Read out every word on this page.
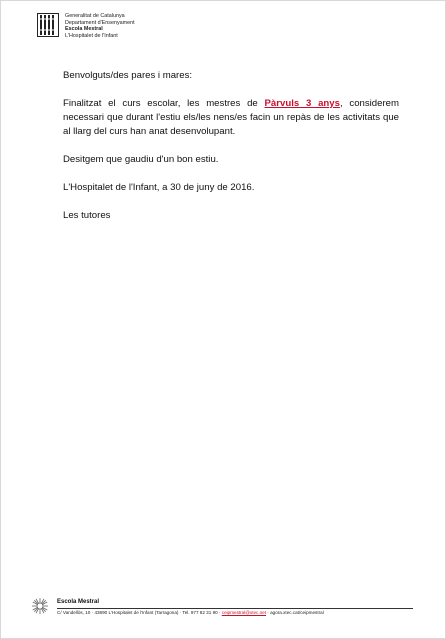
Generalitat de Catalunya
Departament d'Ensenyament
Escola Mestral
L'Hospitalet de l'Infant

Benvolguts/des pares i mares:

Finalitzat el curs escolar, les mestres de Pàrvuls 3 anys, considerem necessari que durant l'estiu els/les nens/es facin un repàs de les activitats que al llarg del curs han anat desenvolupant.

Desitgem que gaudiu d'un bon estiu.

L'Hospitalet de l'Infant, a 30 de juny de 2016.

Les tutores

Escola Mestral
C/ Vandellòs, 10 · 43890 L'Hospitalet de l'Infant (Tarragona) · Tel. 977 82 31 90 · ceipmestral@xtec.net · agora.xtec.cat/ceipmestral
